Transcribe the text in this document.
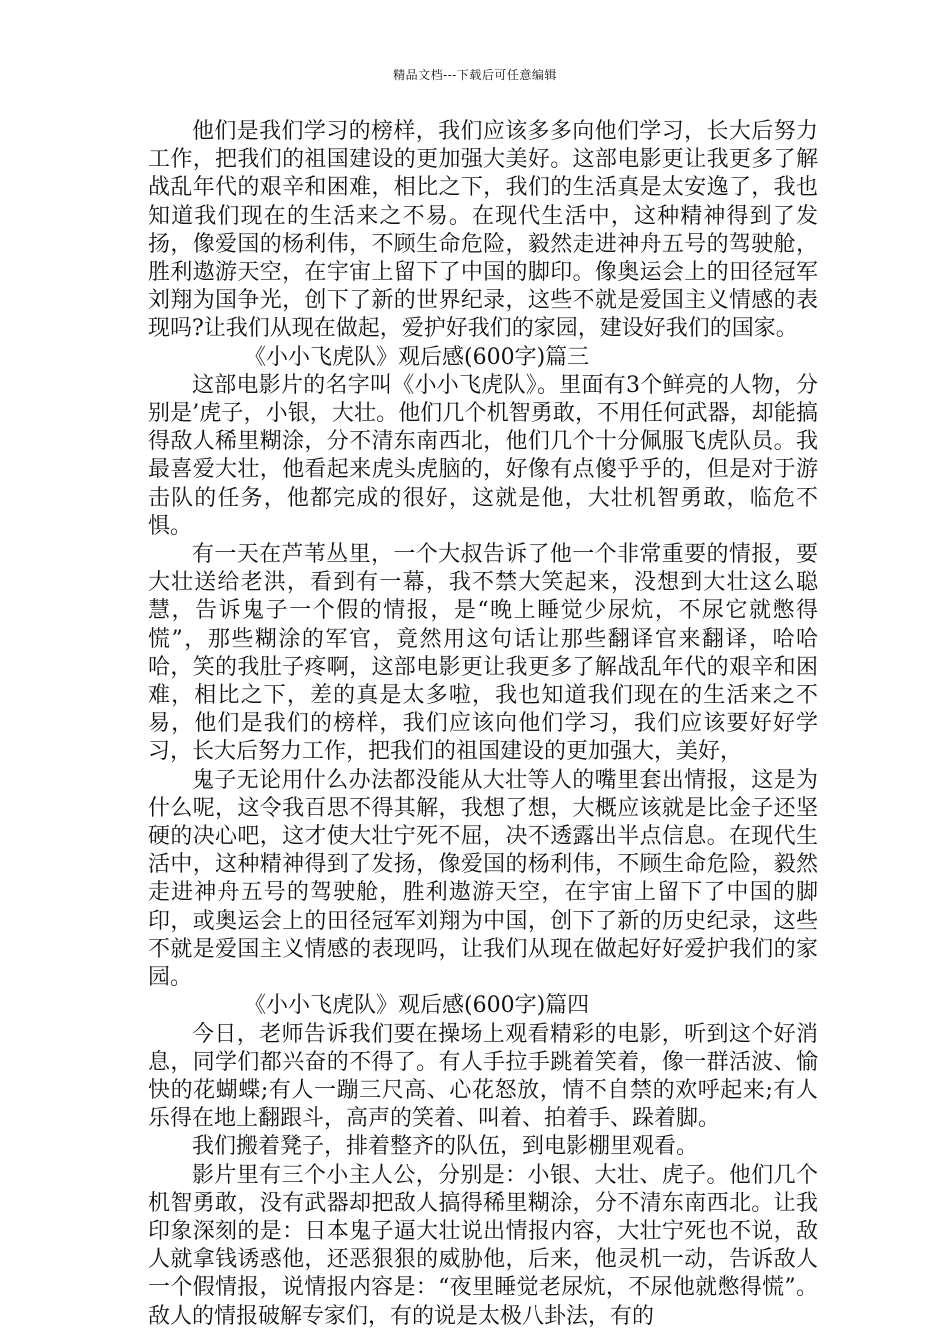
精品文档---下载后可任意编辑

他们是我们学习的榜样，我们应该多多向他们学习，长大后努力工作，把我们的祖国建设的更加强大美好。这部电影更让我更多了解战乱年代的艰辛和困难，相比之下，我们的生活真是太安逸了，我也知道我们现在的生活来之不易。在现代生活中，这种精神得到了发扬，像爱国的杨利伟，不顾生命危险，毅然走进神舟五号的驾驶舱，胜利遨游天空，在宇宙上留下了中国的脚印。像奥运会上的田径冠军刘翔为国争光，创下了新的世界纪录，这些不就是爱国主义情感的表现吗?让我们从现在做起，爱护好我们的家园，建设好我们的国家。

《小小飞虎队》观后感(600字)篇三

这部电影片的名字叫《小小飞虎队》。里面有3个鲜亮的人物，分别是’虎子，小银，大壮。他们几个机智勇敢，不用任何武器，却能搞得敌人稀里糊涂，分不清东南西北，他们几个十分佩服飞虎队员。我最喜爱大壮，他看起来虎头虎脑的，好像有点傻乎乎的，但是对于游击队的任务，他都完成的很好，这就是他，大壮机智勇敢，临危不惧。

有一天在芦苇丛里，一个大叔告诉了他一个非常重要的情报，要大壮送给老洪，看到有一幕，我不禁大笑起来，没想到大壮这么聪慧，告诉鬼子一个假的情报，是“晚上睡觉少尿炕，不尿它就憋得慌”，那些糊涂的军官，竟然用这句话让那些翻译官来翻译，哈哈哈，笑的我肚子疼啊，这部电影更让我更多了解战乱年代的艰辛和困难，相比之下，差的真是太多啦，我也知道我们现在的生活来之不易，他们是我们的榜样，我们应该向他们学习，我们应该要好好学习，长大后努力工作，把我们的祖国建设的更加强大，美好，

鬼子无论用什么办法都没能从大壮等人的嘴里套出情报，这是为什么呢，这令我百思不得其解，我想了想，大概应该就是比金子还坚硬的决心吧，这才使大壮宁死不屈，决不透露出半点信息。在现代生活中，这种精神得到了发扬，像爱国的杨利伟，不顾生命危险，毅然走进神舟五号的驾驶舱，胜利遨游天空，在宇宙上留下了中国的脚印，或奥运会上的田径冠军刘翔为中国，创下了新的历史纪录，这些不就是爱国主义情感的表现吗，让我们从现在做起好好爱护我们的家园。

《小小飞虎队》观后感(600字)篇四

今日，老师告诉我们要在操场上观看精彩的电影，听到这个好消息，同学们都兴奋的不得了。有人手拉手跳着笑着，像一群活波、愉快的花蝴蝶;有人一蹦三尺高、心花怒放，情不自禁的欢呼起来;有人乐得在地上翻跟斗，高声的笑着、叫着、拍着手、跺着脚。

我们搬着凳子，排着整齐的队伍，到电影棚里观看。

影片里有三个小主人公，分别是：小银、大壮、虎子。他们几个机智勇敢，没有武器却把敌人搞得稀里糊涂，分不清东南西北。让我印象深刻的是：日本鬼子逼大壮说出情报内容，大壮宁死也不说，敌人就拿钱诱惑他，还恶狠狠的威胁他，后来，他灵机一动，告诉敌人一个假情报，说情报内容是：“夜里睡觉老尿炕，不尿他就憋得慌”。敌人的情报破解专家们，有的说是太极八卦法，有的
